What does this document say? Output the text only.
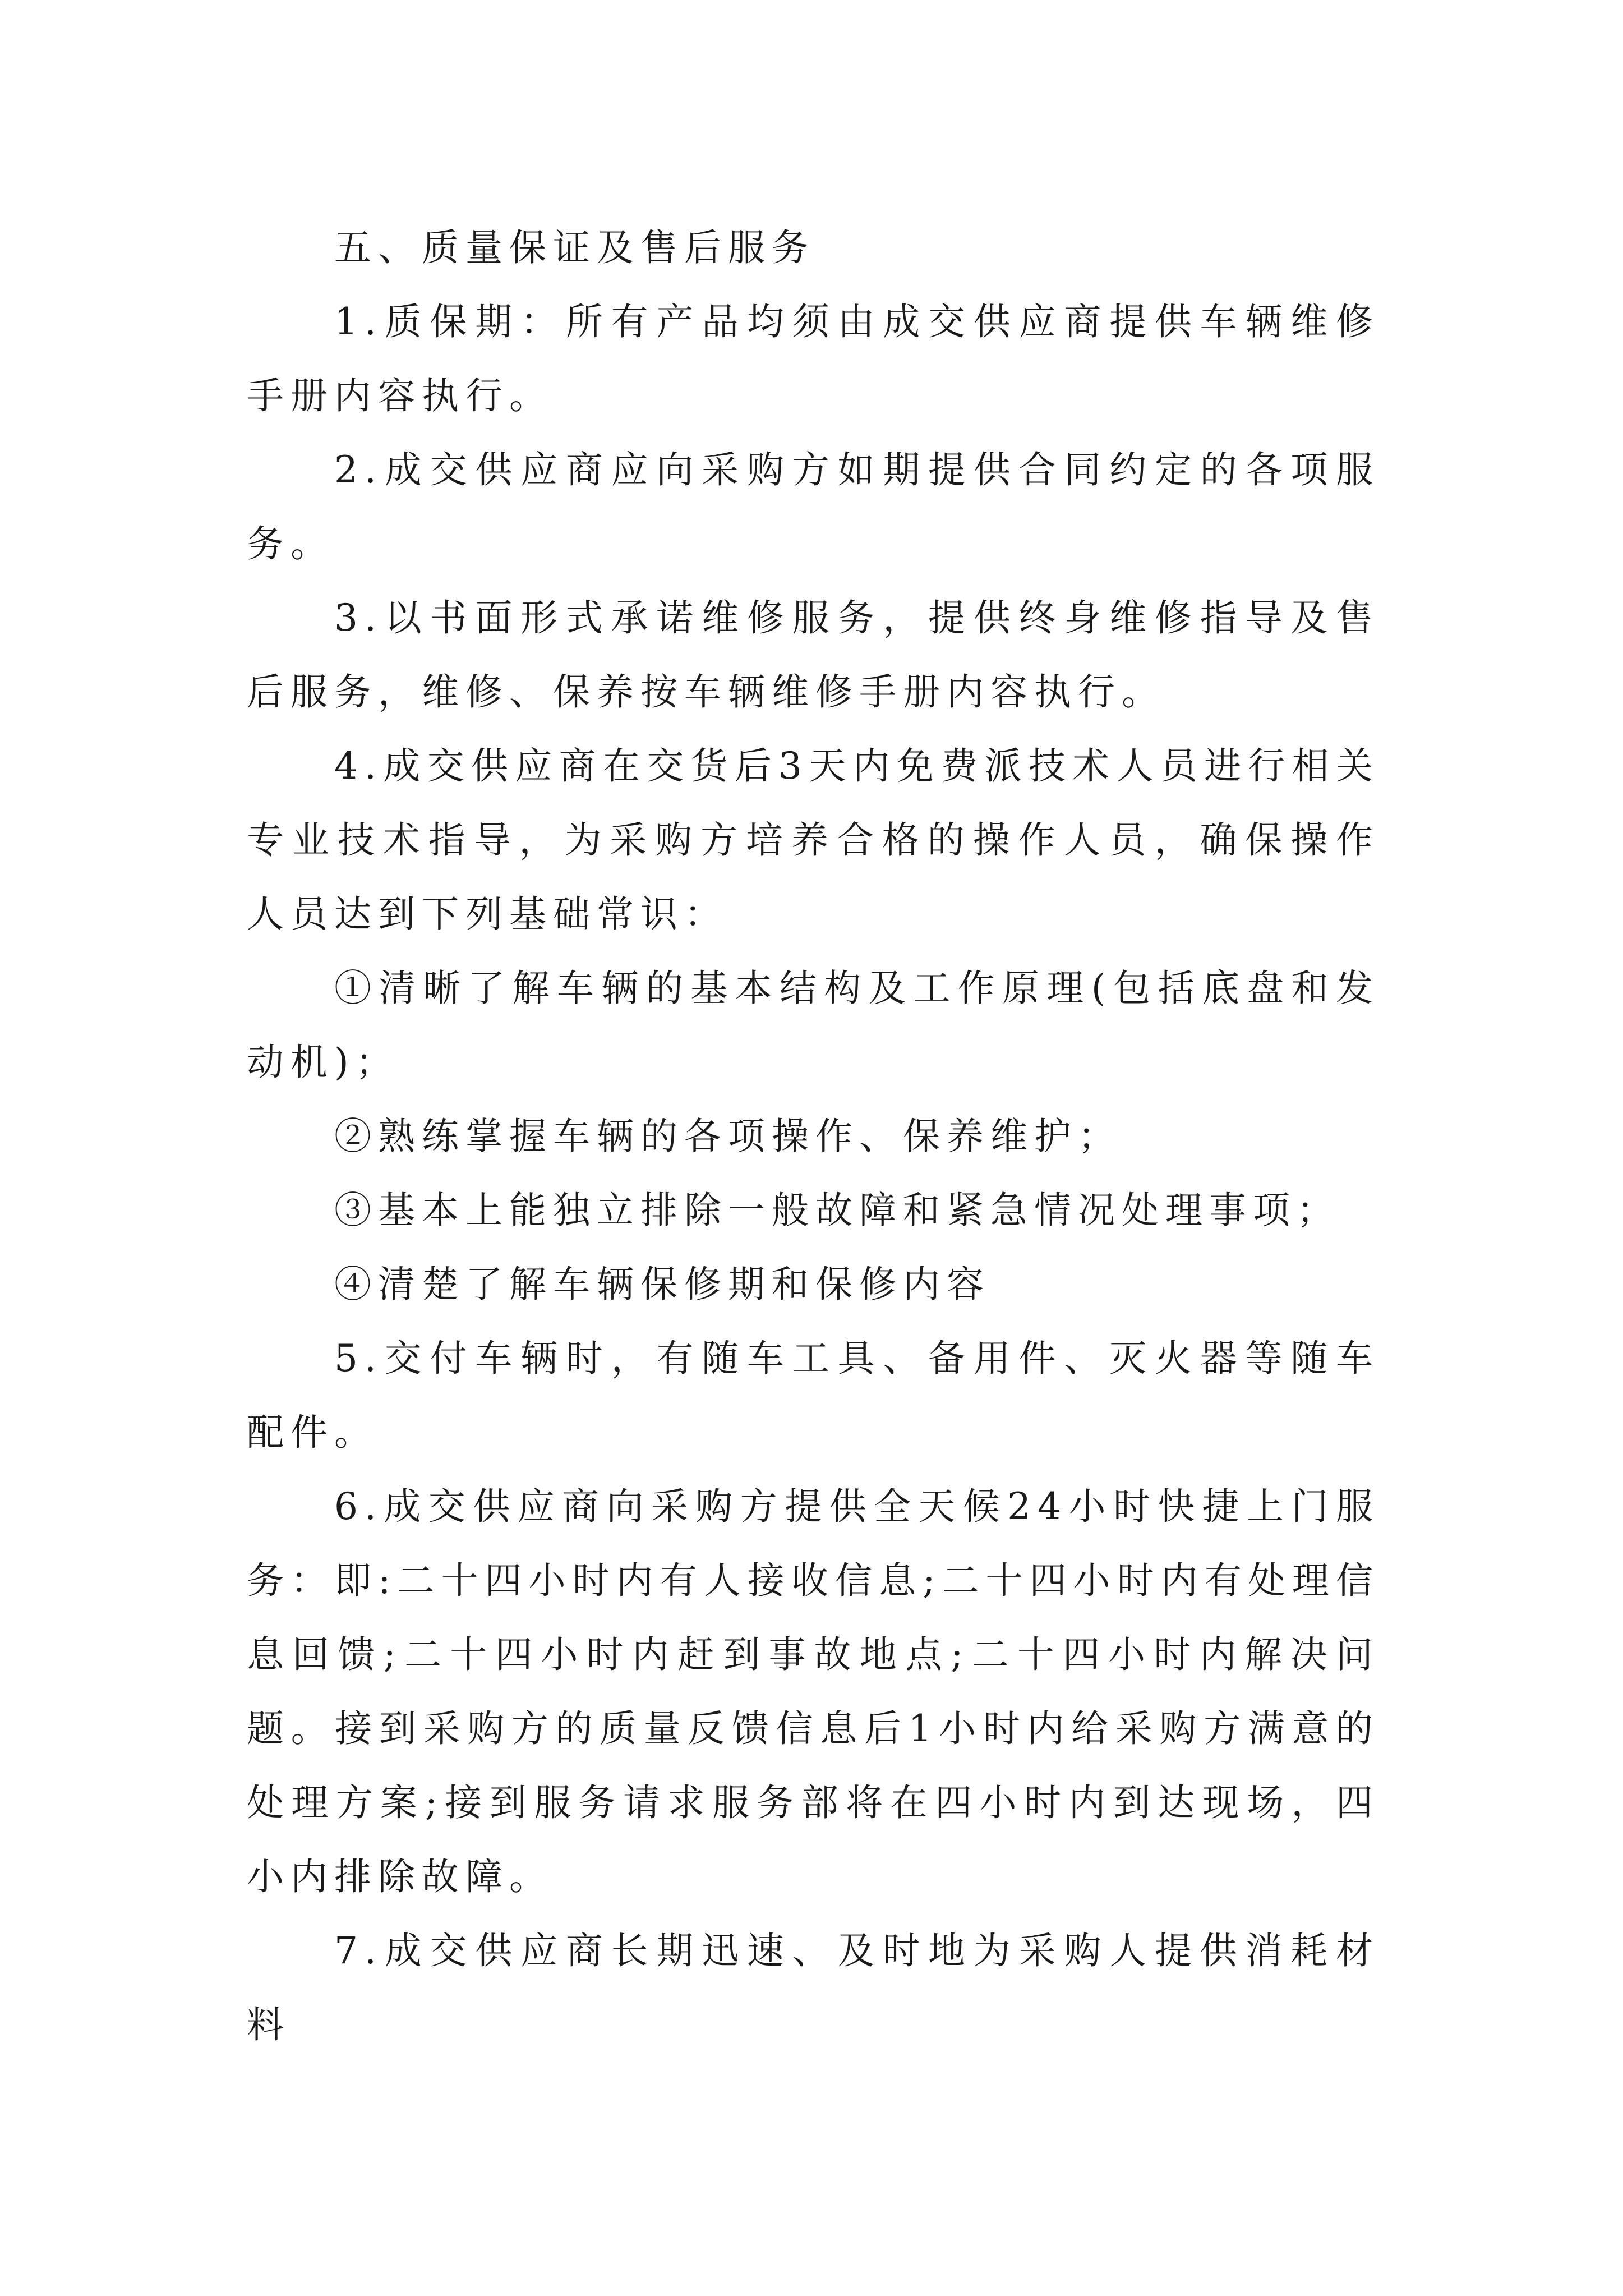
五、质量保证及售后服务

1.质保期：所有产品均须由成交供应商提供车辆维修手册内容执行。

2.成交供应商应向采购方如期提供合同约定的各项服务。

3.以书面形式承诺维修服务，提供终身维修指导及售后服务，维修、保养按车辆维修手册内容执行。

4.成交供应商在交货后3天内免费派技术人员进行相关专业技术指导，为采购方培养合格的操作人员，确保操作人员达到下列基础常识：

①清晰了解车辆的基本结构及工作原理(包括底盘和发动机)；

②熟练掌握车辆的各项操作、保养维护；

③基本上能独立排除一般故障和紧急情况处理事项；

④清楚了解车辆保修期和保修内容

5.交付车辆时，有随车工具、备用件、灭火器等随车配件。

6.成交供应商向采购方提供全天候24小时快捷上门服务：即:二十四小时内有人接收信息;二十四小时内有处理信息回馈;二十四小时内赶到事故地点;二十四小时内解决问题。接到采购方的质量反馈信息后1小时内给采购方满意的处理方案;接到服务请求服务部将在四小时内到达现场，四小内排除故障。

7.成交供应商长期迅速、及时地为采购人提供消耗材料
